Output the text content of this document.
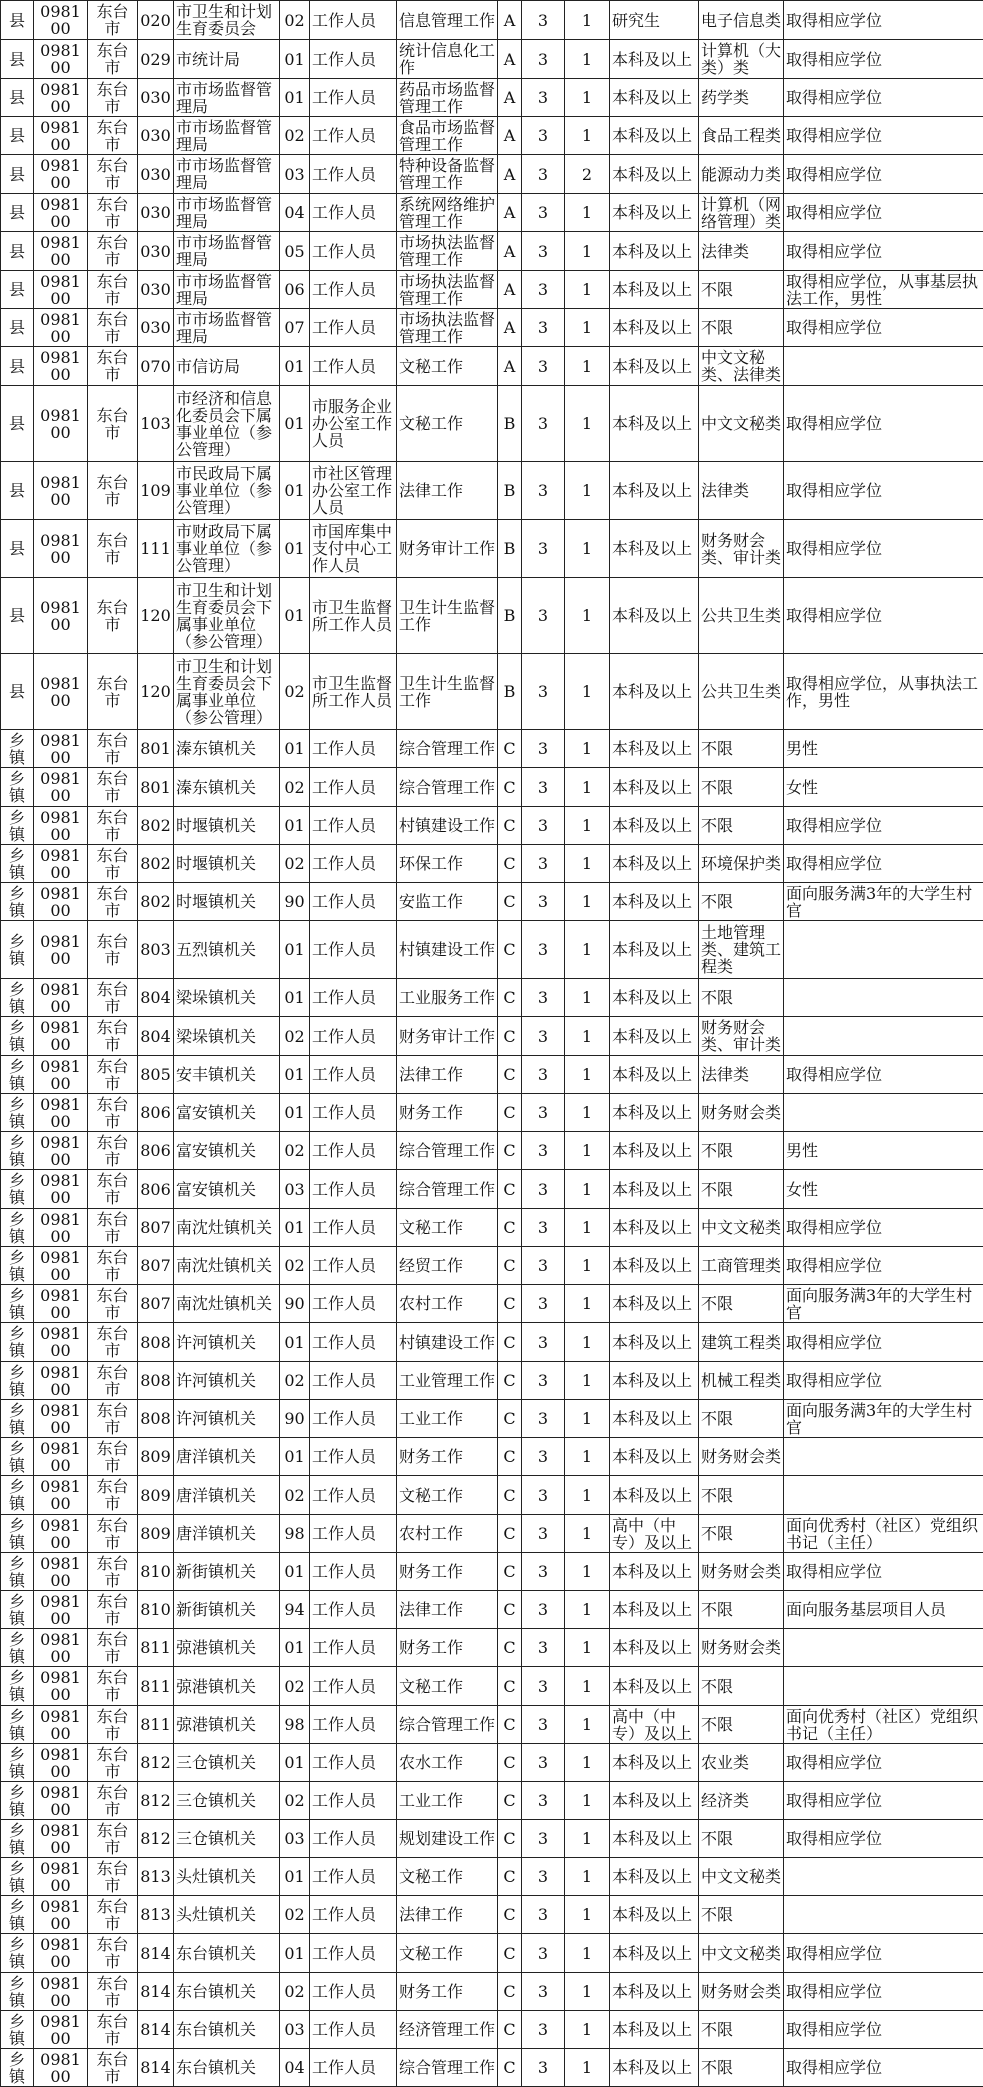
县	098100	东台市	020	市卫生和计划生育委员会	02	工作人员	信息管理工作	A	3	1	研究生	电子信息类	取得相应学位
县	098100	东台市	029	市统计局	01	工作人员	统计信息化工作	A	3	1	本科及以上	计算机（大类）类	取得相应学位
县	098100	东台市	030	市市场监督管理局	01	工作人员	药品市场监督管理工作	A	3	1	本科及以上	药学类	取得相应学位
县	098100	东台市	030	市市场监督管理局	02	工作人员	食品市场监督管理工作	A	3	1	本科及以上	食品工程类	取得相应学位
县	098100	东台市	030	市市场监督管理局	03	工作人员	特种设备监督管理工作	A	3	2	本科及以上	能源动力类	取得相应学位
县	098100	东台市	030	市市场监督管理局	04	工作人员	系统网络维护管理工作	A	3	1	本科及以上	计算机（网络管理）类	取得相应学位
县	098100	东台市	030	市市场监督管理局	05	工作人员	市场执法监督管理工作	A	3	1	本科及以上	法律类	取得相应学位
县	098100	东台市	030	市市场监督管理局	06	工作人员	市场执法监督管理工作	A	3	1	本科及以上	不限	取得相应学位，从事基层执法工作，男性
县	098100	东台市	030	市市场监督管理局	07	工作人员	市场执法监督管理工作	A	3	1	本科及以上	不限	取得相应学位
县	098100	东台市	070	市信访局	01	工作人员	文秘工作	A	3	1	本科及以上	中文文秘类、法律类	
县	098100	东台市	103	市经济和信息化委员会下属事业单位（参公管理）	01	市服务企业办公室工作人员	文秘工作	B	3	1	本科及以上	中文文秘类	取得相应学位
县	098100	东台市	109	市民政局下属事业单位（参公管理）	01	市社区管理办公室工作人员	法律工作	B	3	1	本科及以上	法律类	取得相应学位
县	098100	东台市	111	市财政局下属事业单位（参公管理）	01	市国库集中支付中心工作人员	财务审计工作	B	3	1	本科及以上	财务财会类、审计类	取得相应学位
县	098100	东台市	120	市卫生和计划生育委员会下属事业单位（参公管理）	01	市卫生监督所工作人员	卫生计生监督工作	B	3	1	本科及以上	公共卫生类	取得相应学位
县	098100	东台市	120	市卫生和计划生育委员会下属事业单位（参公管理）	02	市卫生监督所工作人员	卫生计生监督工作	B	3	1	本科及以上	公共卫生类	取得相应学位，从事执法工作，男性
乡镇	098100	东台市	801	溱东镇机关	01	工作人员	综合管理工作	C	3	1	本科及以上	不限	男性
乡镇	098100	东台市	801	溱东镇机关	02	工作人员	综合管理工作	C	3	1	本科及以上	不限	女性
乡镇	098100	东台市	802	时堰镇机关	01	工作人员	村镇建设工作	C	3	1	本科及以上	不限	取得相应学位
乡镇	098100	东台市	802	时堰镇机关	02	工作人员	环保工作	C	3	1	本科及以上	环境保护类	取得相应学位
乡镇	098100	东台市	802	时堰镇机关	90	工作人员	安监工作	C	3	1	本科及以上	不限	面向服务满3年的大学生村官
乡镇	098100	东台市	803	五烈镇机关	01	工作人员	村镇建设工作	C	3	1	本科及以上	土地管理类、建筑工程类	
乡镇	098100	东台市	804	梁垛镇机关	01	工作人员	工业服务工作	C	3	1	本科及以上	不限	
乡镇	098100	东台市	804	梁垛镇机关	02	工作人员	财务审计工作	C	3	1	本科及以上	财务财会类、审计类	
乡镇	098100	东台市	805	安丰镇机关	01	工作人员	法律工作	C	3	1	本科及以上	法律类	取得相应学位
乡镇	098100	东台市	806	富安镇机关	01	工作人员	财务工作	C	3	1	本科及以上	财务财会类	
乡镇	098100	东台市	806	富安镇机关	02	工作人员	综合管理工作	C	3	1	本科及以上	不限	男性
乡镇	098100	东台市	806	富安镇机关	03	工作人员	综合管理工作	C	3	1	本科及以上	不限	女性
乡镇	098100	东台市	807	南沈灶镇机关	01	工作人员	文秘工作	C	3	1	本科及以上	中文文秘类	取得相应学位
乡镇	098100	东台市	807	南沈灶镇机关	02	工作人员	经贸工作	C	3	1	本科及以上	工商管理类	取得相应学位
乡镇	098100	东台市	807	南沈灶镇机关	90	工作人员	农村工作	C	3	1	本科及以上	不限	面向服务满3年的大学生村官
乡镇	098100	东台市	808	许河镇机关	01	工作人员	村镇建设工作	C	3	1	本科及以上	建筑工程类	取得相应学位
乡镇	098100	东台市	808	许河镇机关	02	工作人员	工业管理工作	C	3	1	本科及以上	机械工程类	取得相应学位
乡镇	098100	东台市	808	许河镇机关	90	工作人员	工业工作	C	3	1	本科及以上	不限	面向服务满3年的大学生村官
乡镇	098100	东台市	809	唐洋镇机关	01	工作人员	财务工作	C	3	1	本科及以上	财务财会类	
乡镇	098100	东台市	809	唐洋镇机关	02	工作人员	文秘工作	C	3	1	本科及以上	不限	
乡镇	098100	东台市	809	唐洋镇机关	98	工作人员	农村工作	C	3	1	高中（中专）及以上	不限	面向优秀村（社区）党组织书记（主任）
乡镇	098100	东台市	810	新街镇机关	01	工作人员	财务工作	C	3	1	本科及以上	财务财会类	取得相应学位
乡镇	098100	东台市	810	新街镇机关	94	工作人员	法律工作	C	3	1	本科及以上	不限	面向服务基层项目人员
乡镇	098100	东台市	811	弶港镇机关	01	工作人员	财务工作	C	3	1	本科及以上	财务财会类	
乡镇	098100	东台市	811	弶港镇机关	02	工作人员	文秘工作	C	3	1	本科及以上	不限	
乡镇	098100	东台市	811	弶港镇机关	98	工作人员	综合管理工作	C	3	1	高中（中专）及以上	不限	面向优秀村（社区）党组织书记（主任）
乡镇	098100	东台市	812	三仓镇机关	01	工作人员	农水工作	C	3	1	本科及以上	农业类	取得相应学位
乡镇	098100	东台市	812	三仓镇机关	02	工作人员	工业工作	C	3	1	本科及以上	经济类	取得相应学位
乡镇	098100	东台市	812	三仓镇机关	03	工作人员	规划建设工作	C	3	1	本科及以上	不限	取得相应学位
乡镇	098100	东台市	813	头灶镇机关	01	工作人员	文秘工作	C	3	1	本科及以上	中文文秘类	
乡镇	098100	东台市	813	头灶镇机关	02	工作人员	法律工作	C	3	1	本科及以上	不限	
乡镇	098100	东台市	814	东台镇机关	01	工作人员	文秘工作	C	3	1	本科及以上	中文文秘类	取得相应学位
乡镇	098100	东台市	814	东台镇机关	02	工作人员	财务工作	C	3	1	本科及以上	财务财会类	取得相应学位
乡镇	098100	东台市	814	东台镇机关	03	工作人员	经济管理工作	C	3	1	本科及以上	不限	取得相应学位
乡镇	098100	东台市	814	东台镇机关	04	工作人员	综合管理工作	C	3	1	本科及以上	不限	取得相应学位
